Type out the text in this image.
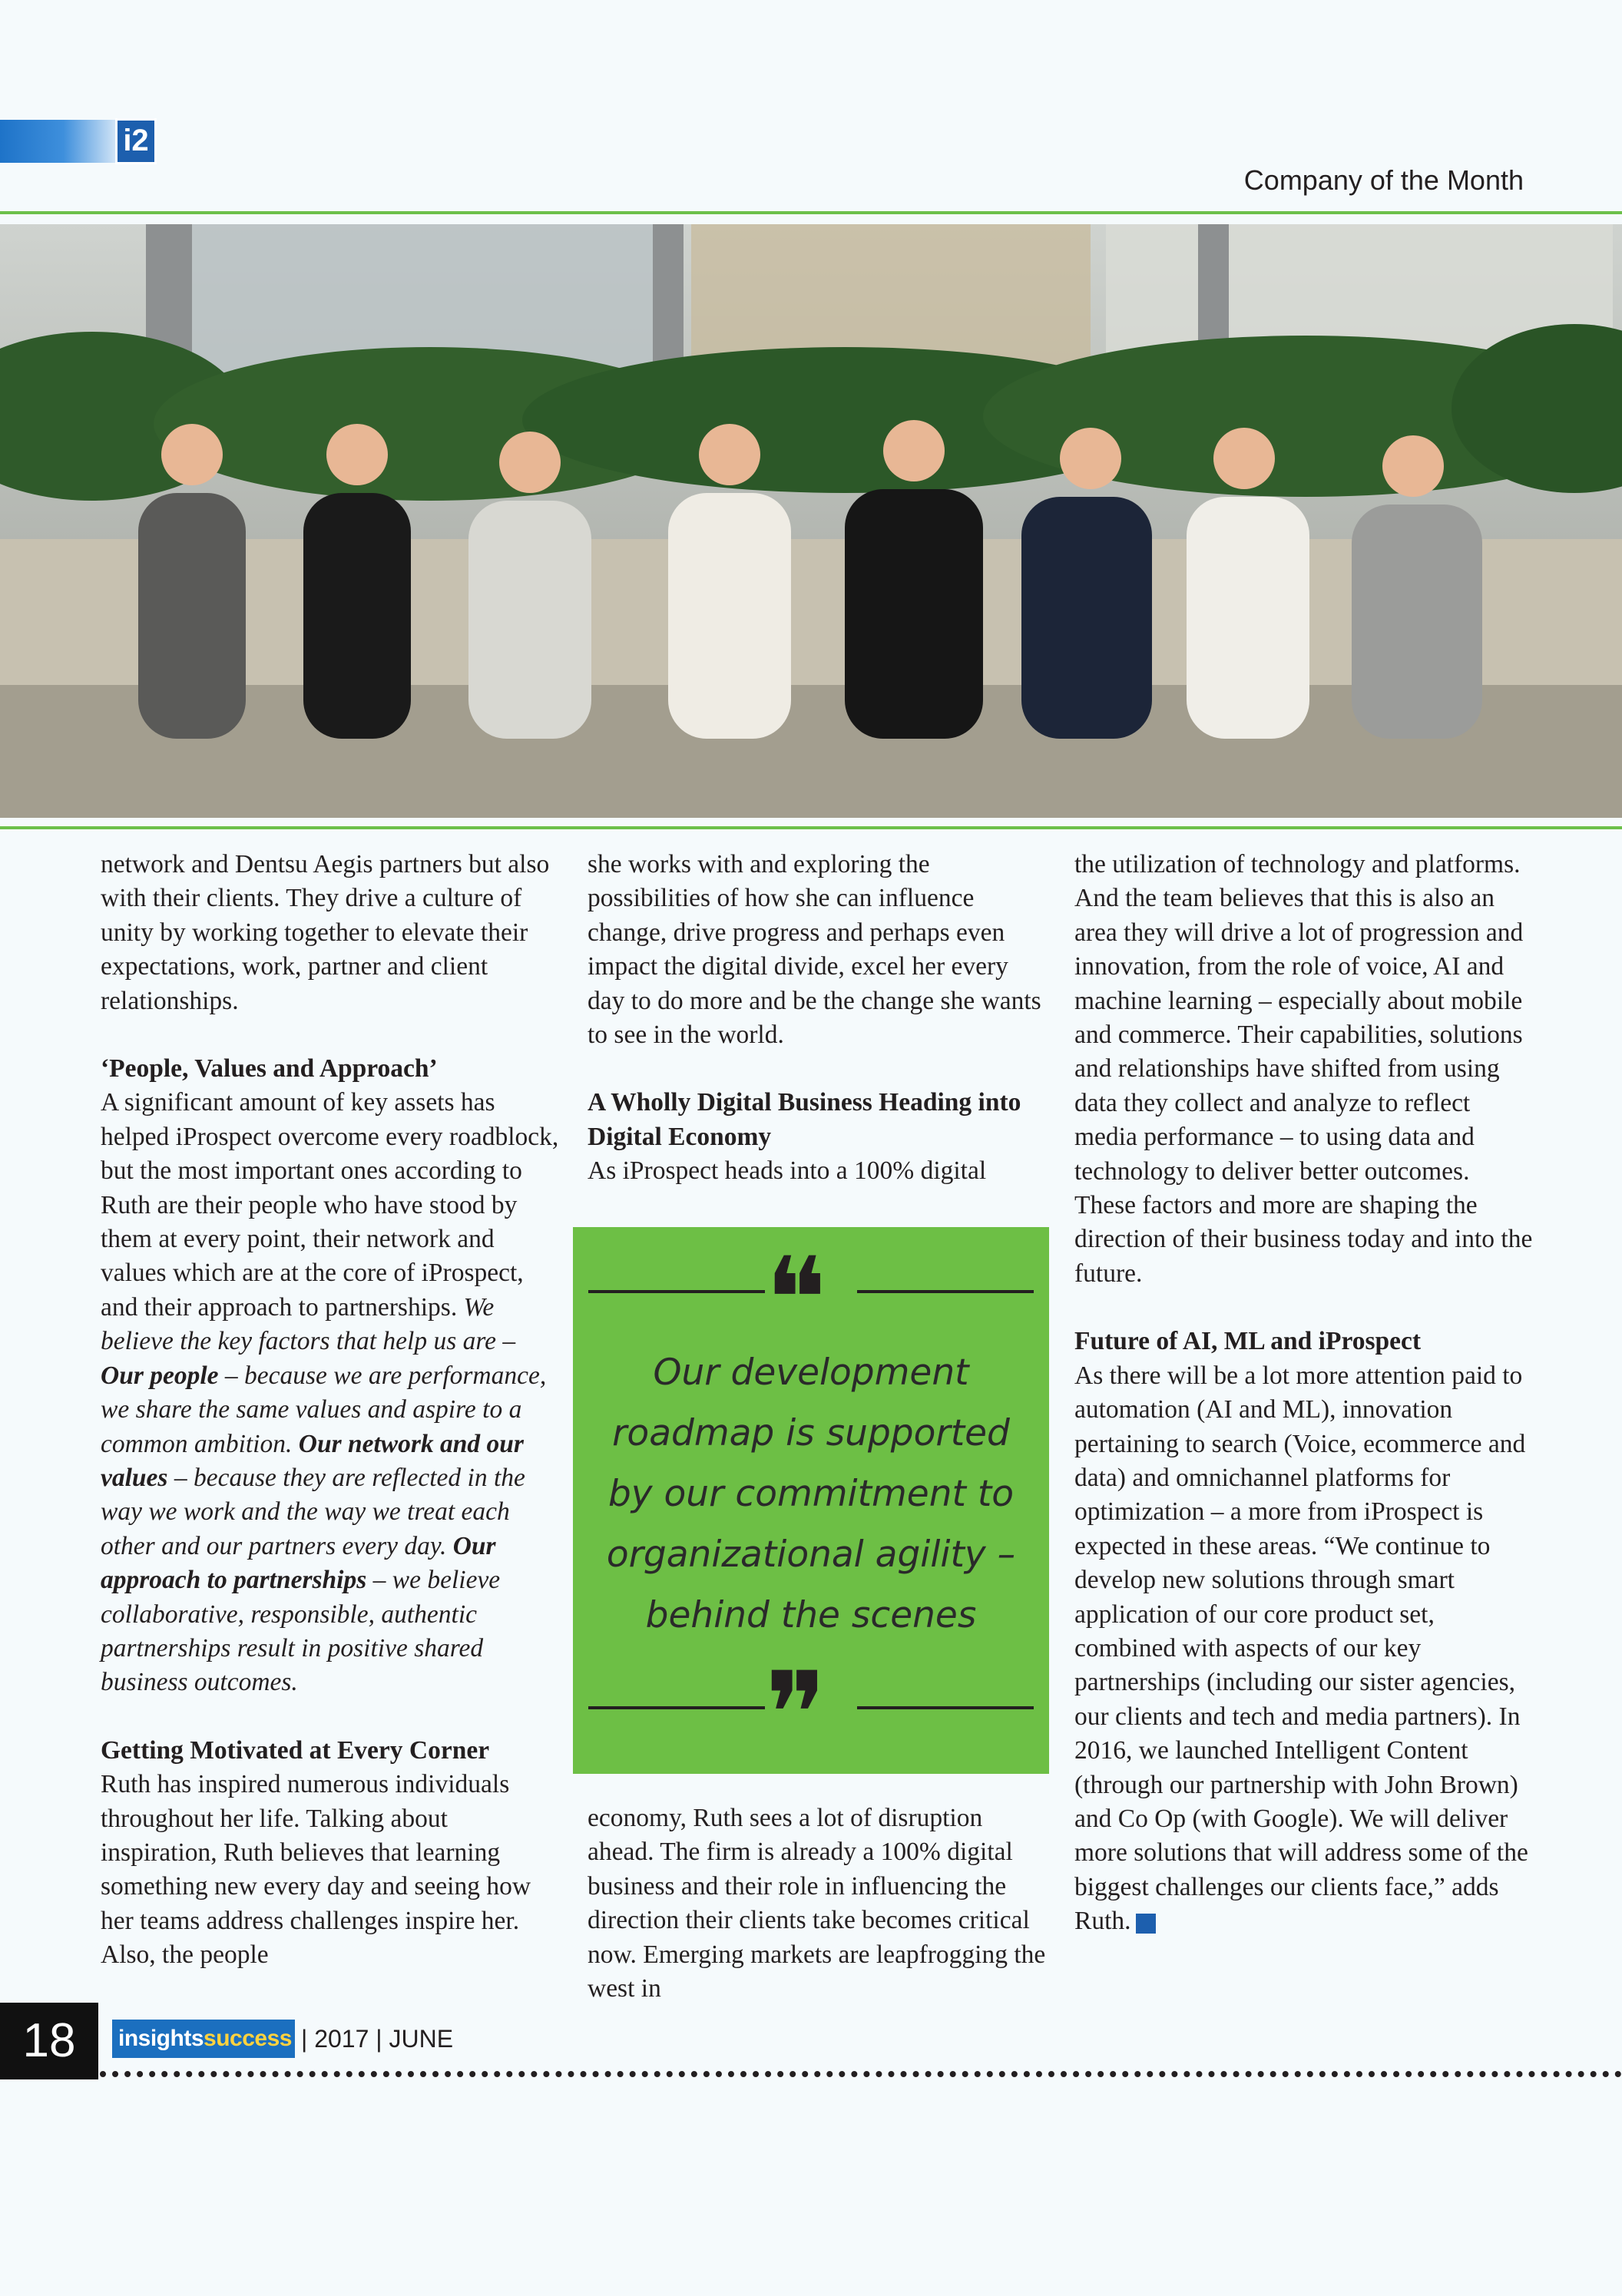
i2
Company of the Month

network and Dentsu Aegis partners but also with their clients. They drive a culture of unity by working together to elevate their expectations, work, partner and client relationships.

‘People, Values and Approach’

A significant amount of key assets has helped iProspect overcome every roadblock, but the most important ones according to Ruth are their people who have stood by them at every point, their network and values which are at the core of iProspect, and their approach to partnerships. We believe the key factors that help us are – Our people – because we are performance, we share the same values and aspire to a common ambition. Our network and our values – because they are reflected in the way we work and the way we treat each other and our partners every day. Our approach to partnerships – we believe collaborative, responsible, authentic partnerships result in positive shared business outcomes.

Getting Motivated at Every Corner

Ruth has inspired numerous individuals throughout her life. Talking about inspiration, Ruth believes that learning something new every day and seeing how her teams address challenges inspire her. Also, the people

she works with and exploring the possibilities of how she can influence change, drive progress and perhaps even impact the digital divide, excel her every day to do more and be the change she wants to see in the world.

A Wholly Digital Business Heading into Digital Economy

As iProspect heads into a 100% digital

economy, Ruth sees a lot of disruption ahead. The firm is already a 100% digital business and their role in influencing the direction their clients take becomes critical now. Emerging markets are leapfrogging the west in

❝
Our development roadmap is supported by our commitment to organizational agility – behind the scenes
❞

the utilization of technology and platforms. And the team believes that this is also an area they will drive a lot of progression and innovation, from the role of voice, AI and machine learning – especially about mobile and commerce. Their capabilities, solutions and relationships have shifted from using data they collect and analyze to reflect media performance – to using data and technology to deliver better outcomes. These factors and more are shaping the direction of their business today and into the future.

Future of AI, ML and iProspect

As there will be a lot more attention paid to automation (AI and ML), innovation pertaining to search (Voice, ecommerce and data) and omnichannel platforms for optimization – a more from iProspect is expected in these areas. “We continue to develop new solutions through smart application of our core product set, combined with aspects of our key partnerships (including our sister agencies, our clients and tech and media partners). In 2016, we launched Intelligent Content (through our partnership with John Brown) and Co Op (with Google). We will deliver more solutions that will address some of the biggest challenges our clients face,” adds Ruth.

18	insightssuccess | 2017 | JUNE
